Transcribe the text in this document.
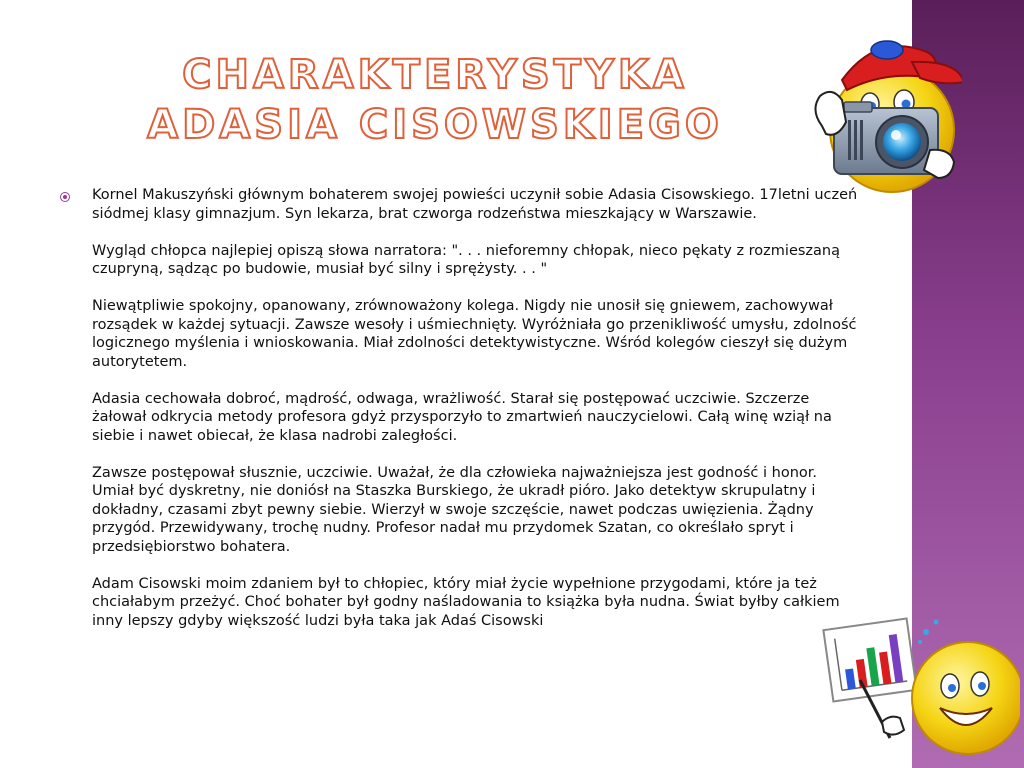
CHARAKTERYSTYKA
ADASIA CISOWSKIEGO

Kornel Makuszyński głównym bohaterem swojej powieści uczynił sobie Adasia Cisowskiego. 17letni uczeń siódmej klasy gimnazjum. Syn lekarza, brat czworga rodzeństwa mieszkający w Warszawie.

Wygląd chłopca najlepiej opiszą słowa narratora: ". . . nieforemny chłopak, nieco pękaty z rozmieszaną czupryną, sądząc po budowie, musiał być silny i sprężysty. . . "

Niewątpliwie spokojny, opanowany, zrównoważony kolega. Nigdy nie unosił się gniewem, zachowywał rozsądek w każdej sytuacji. Zawsze wesoły i uśmiechnięty. Wyróżniała go przenikliwość umysłu, zdolność logicznego myślenia i wnioskowania. Miał zdolności detektywistyczne. Wśród kolegów cieszył się dużym autorytetem.

Adasia cechowała dobroć, mądrość, odwaga, wrażliwość. Starał się postępować uczciwie. Szczerze żałował odkrycia metody profesora gdyż przysporzyło to zmartwień nauczycielowi. Całą winę wziął na siebie i nawet obiecał, że klasa nadrobi zaległości.

Zawsze postępował słusznie, uczciwie. Uważał, że dla człowieka najważniejsza jest godność i honor. Umiał być dyskretny, nie doniósł na Staszka Burskiego, że ukradł pióro. Jako detektyw skrupulatny i dokładny, czasami zbyt pewny siebie. Wierzył w swoje szczęście, nawet podczas uwięzienia. Żądny przygód. Przewidywany, trochę nudny. Profesor nadał mu przydomek Szatan, co określało spryt i przedsiębiorstwo bohatera.

Adam Cisowski moim zdaniem był to chłopiec, który miał życie wypełnione przygodami, które ja też chciałabym przeżyć. Choć bohater był godny naśladowania to książka była nudna. Świat byłby całkiem inny lepszy gdyby większość ludzi była taka jak Adaś Cisowski
